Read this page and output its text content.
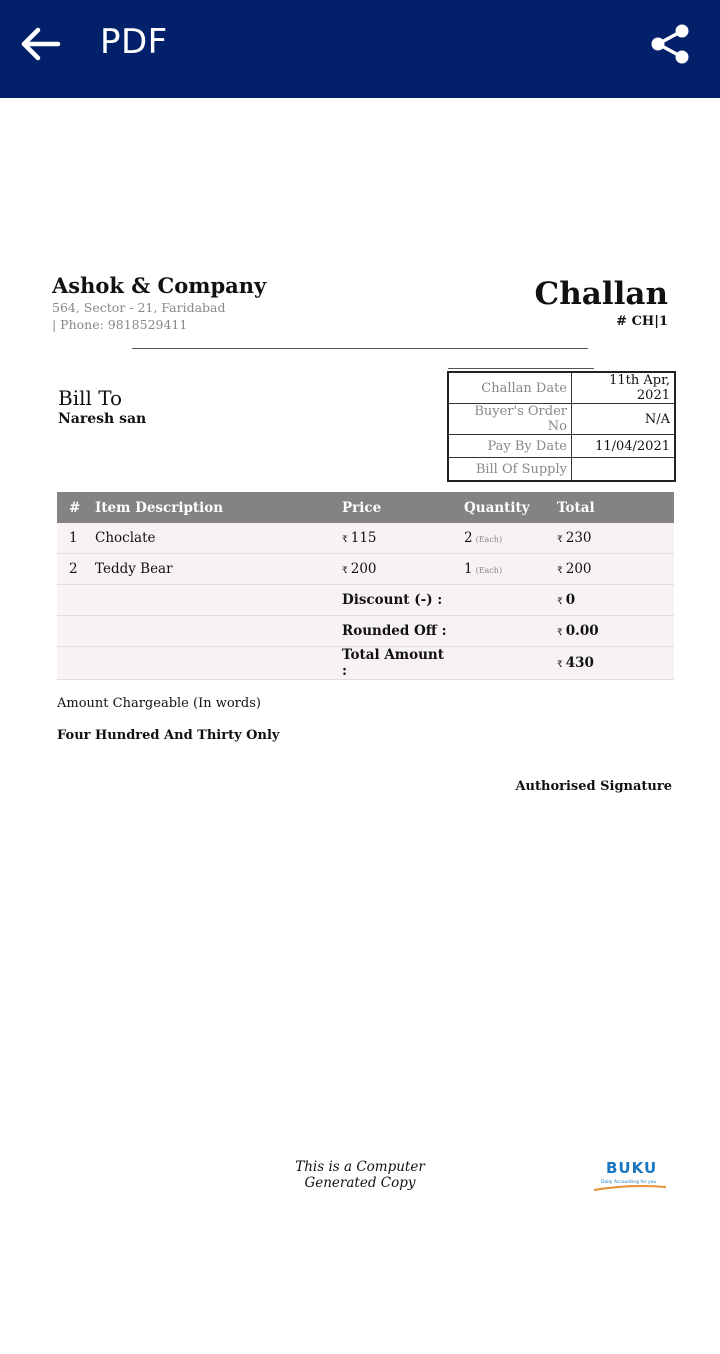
PDF
Ashok & Company
564, Sector - 21, Faridabad
| Phone: 9818529411
Challan
# CH|1
Bill To
Naresh san
Challan Date	11th Apr, 2021
Buyer's Order No	N/A
Pay By Date	11/04/2021
Bill Of Supply	
#	Item Description	Price	Quantity	Total
1	Choclate	₹ 115	2 (Each)	₹ 230
2	Teddy Bear	₹ 200	1 (Each)	₹ 200
		Discount (-) :		₹ 0
		Rounded Off :		₹ 0.00
		Total Amount :		₹ 430
Amount Chargeable (In words)
Four Hundred And Thirty Only
Authorised Signature
This is a Computer Generated Copy
BUKU
Daily Accounting for you
